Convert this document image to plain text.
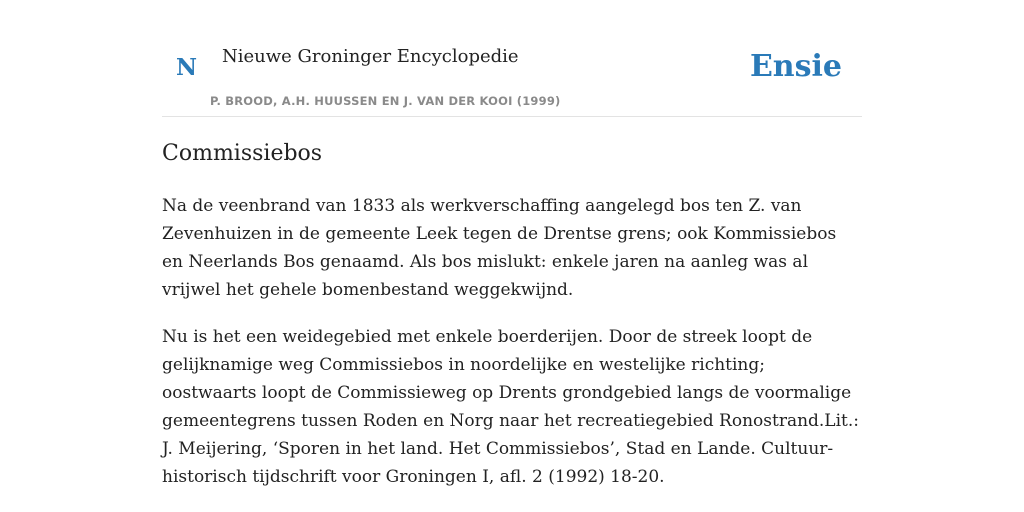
N Nieuwe Groninger Encyclopedie
P. BROOD, A.H. HUUSSEN EN J. VAN DER KOOI (1999)
Ensie
Commissiebos

Na de veenbrand van 1833 als werkverschaffing aangelegd bos ten Z. van Zevenhuizen in de gemeente Leek tegen de Drentse grens; ook Kommissiebos en Neerlands Bos genaamd. Als bos mislukt: enkele jaren na aanleg was al vrijwel het gehele bomenbestand weggekwijnd.

Nu is het een weidegebied met enkele boerderijen. Door de streek loopt de gelijknamige weg Commissiebos in noordelijke en westelijke richting; oostwaarts loopt de Commissieweg op Drents grondgebied langs de voormalige gemeentegrens tussen Roden en Norg naar het recreatiegebied Ronostrand.Lit.: J. Meijering, ‘Sporen in het land. Het Commissiebos’, Stad en Lande. Cultuur-historisch tijdschrift voor Groningen I, afl. 2 (1992) 18-20.
